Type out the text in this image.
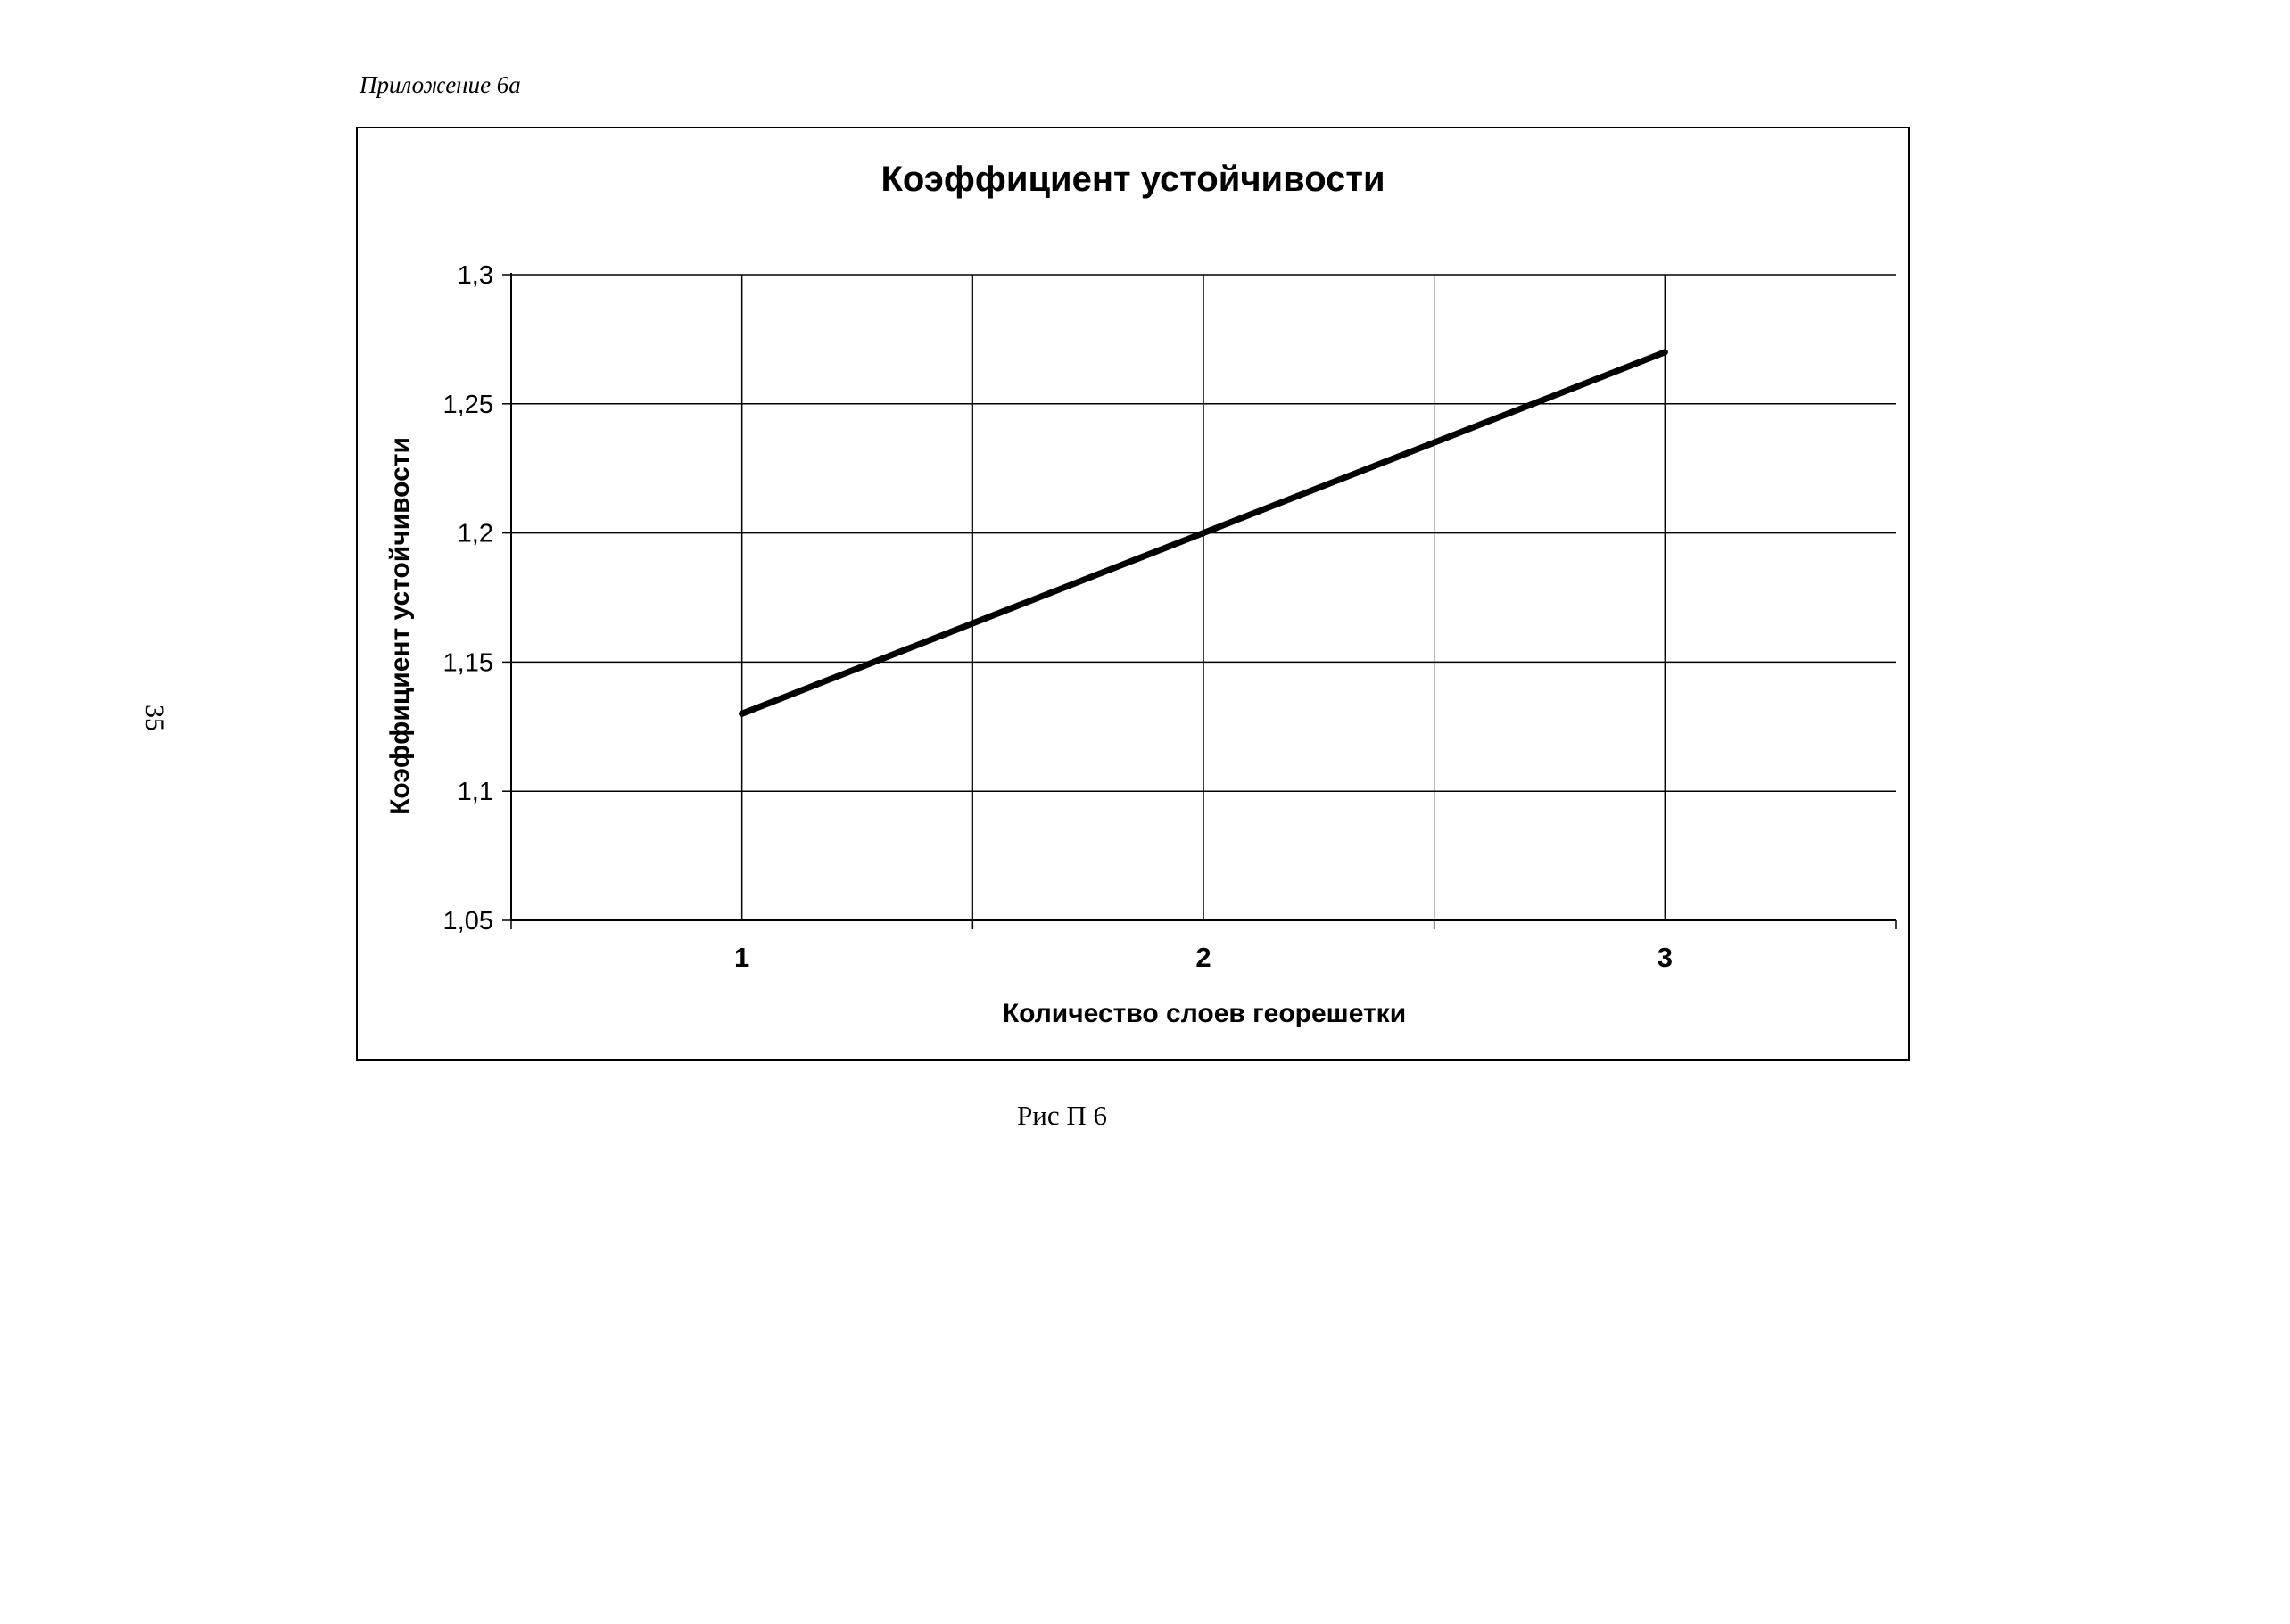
Приложение 6а
35
Коэффициент устойчивости
1,05
1,1
1,15
1,2
1,25
1,3
1	2	3
Количество слоев георешетки
Коэффициент устойчивости
Рис П 6
